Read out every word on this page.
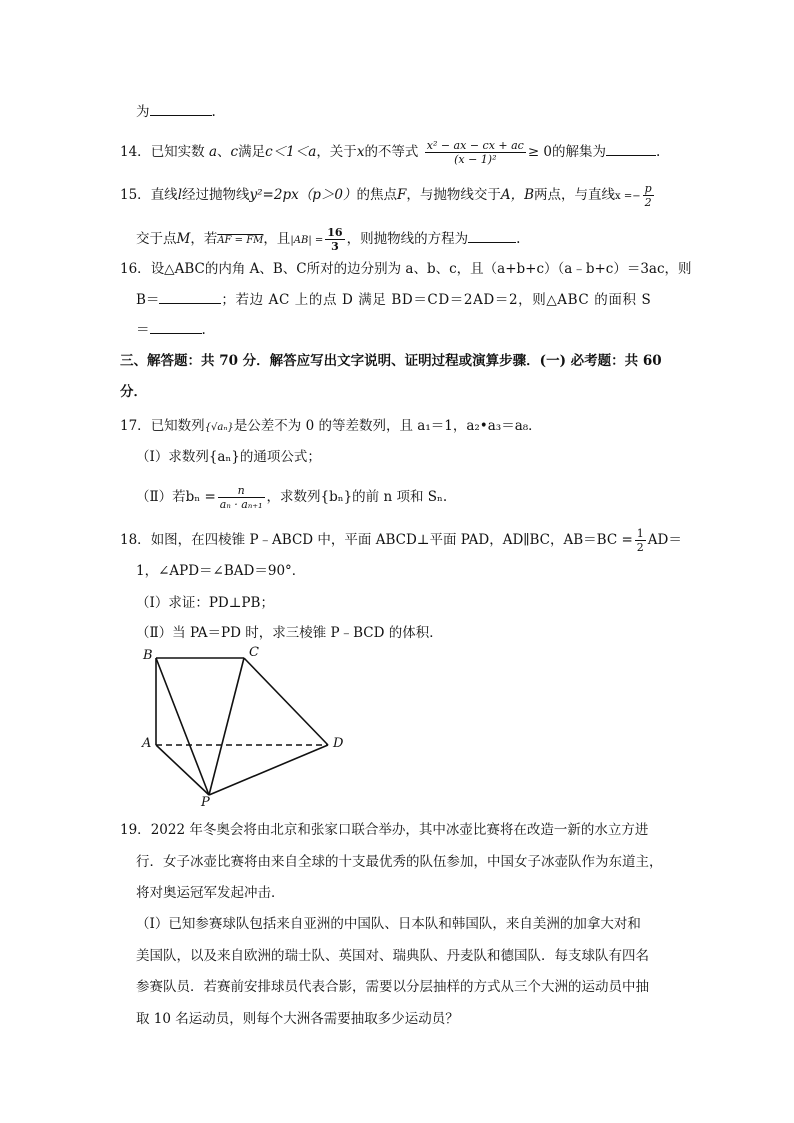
为	.
14．已知实数 a、c满足c＜1＜a，关于x的不等式 $\frac{\text{x² − ax − cx + ac}}{\text{(x − 1)²}} \ge 0$的解集为	.
15．直线l经过抛物线y²=2px（p＞0）的焦点F，与抛物线交于A，B两点，与直线$x =- \frac{p}{2}$
交于点M，若AF = FM，且$|AB| = \frac{16}{3}$ ，则抛物线的方程为	.
16．设△ABC的内角 A、B、C所对的边分别为 a、b、c，且（a+b+c）（a﹣b+c）＝3ac，则
B＝	；若边 AC 上的点 D 满足 BD＝CD＝2AD＝2，则△ABC 的面积 S
＝	.
三、解答题：共 70 分．解答应写出文字说明、证明过程或演算步骤．(一) 必考题：共 60
分．
17．已知数列{√aₙ}是公差不为 0 的等差数列，且 a₁＝1，a₂•a₃＝a₈．
（Ⅰ）求数列{aₙ}的通项公式；
（Ⅱ）若$b_n = \frac{n}{\text{aₙ · aₙ₊₁}}$ ，求数列{bₙ}的前 n 项和 Sₙ.
18．如图，在四棱锥 P﹣ABCD 中，平面 ABCD⊥平面 PAD，AD∥BC，$AB=BC = \frac{1}{2} AD=$
1，∠APD＝∠BAD＝90°．
（Ⅰ）求证：PD⊥PB；
（Ⅱ）当 PA＝PD 时，求三棱锥 P﹣BCD 的体积．
B	C
A	D
P
19．2022 年冬奥会将由北京和张家口联合举办，其中冰壶比赛将在改造一新的水立方进
行．女子冰壶比赛将由来自全球的十支最优秀的队伍参加，中国女子冰壶队作为东道主，
将对奥运冠军发起冲击．
（Ⅰ）已知参赛球队包括来自亚洲的中国队、日本队和韩国队，来自美洲的加拿大对和
美国队，以及来自欧洲的瑞士队、英国对、瑞典队、丹麦队和德国队．每支球队有四名
参赛队员．若赛前安排球员代表合影，需要以分层抽样的方式从三个大洲的运动员中抽
取 10 名运动员，则每个大洲各需要抽取多少运动员？
